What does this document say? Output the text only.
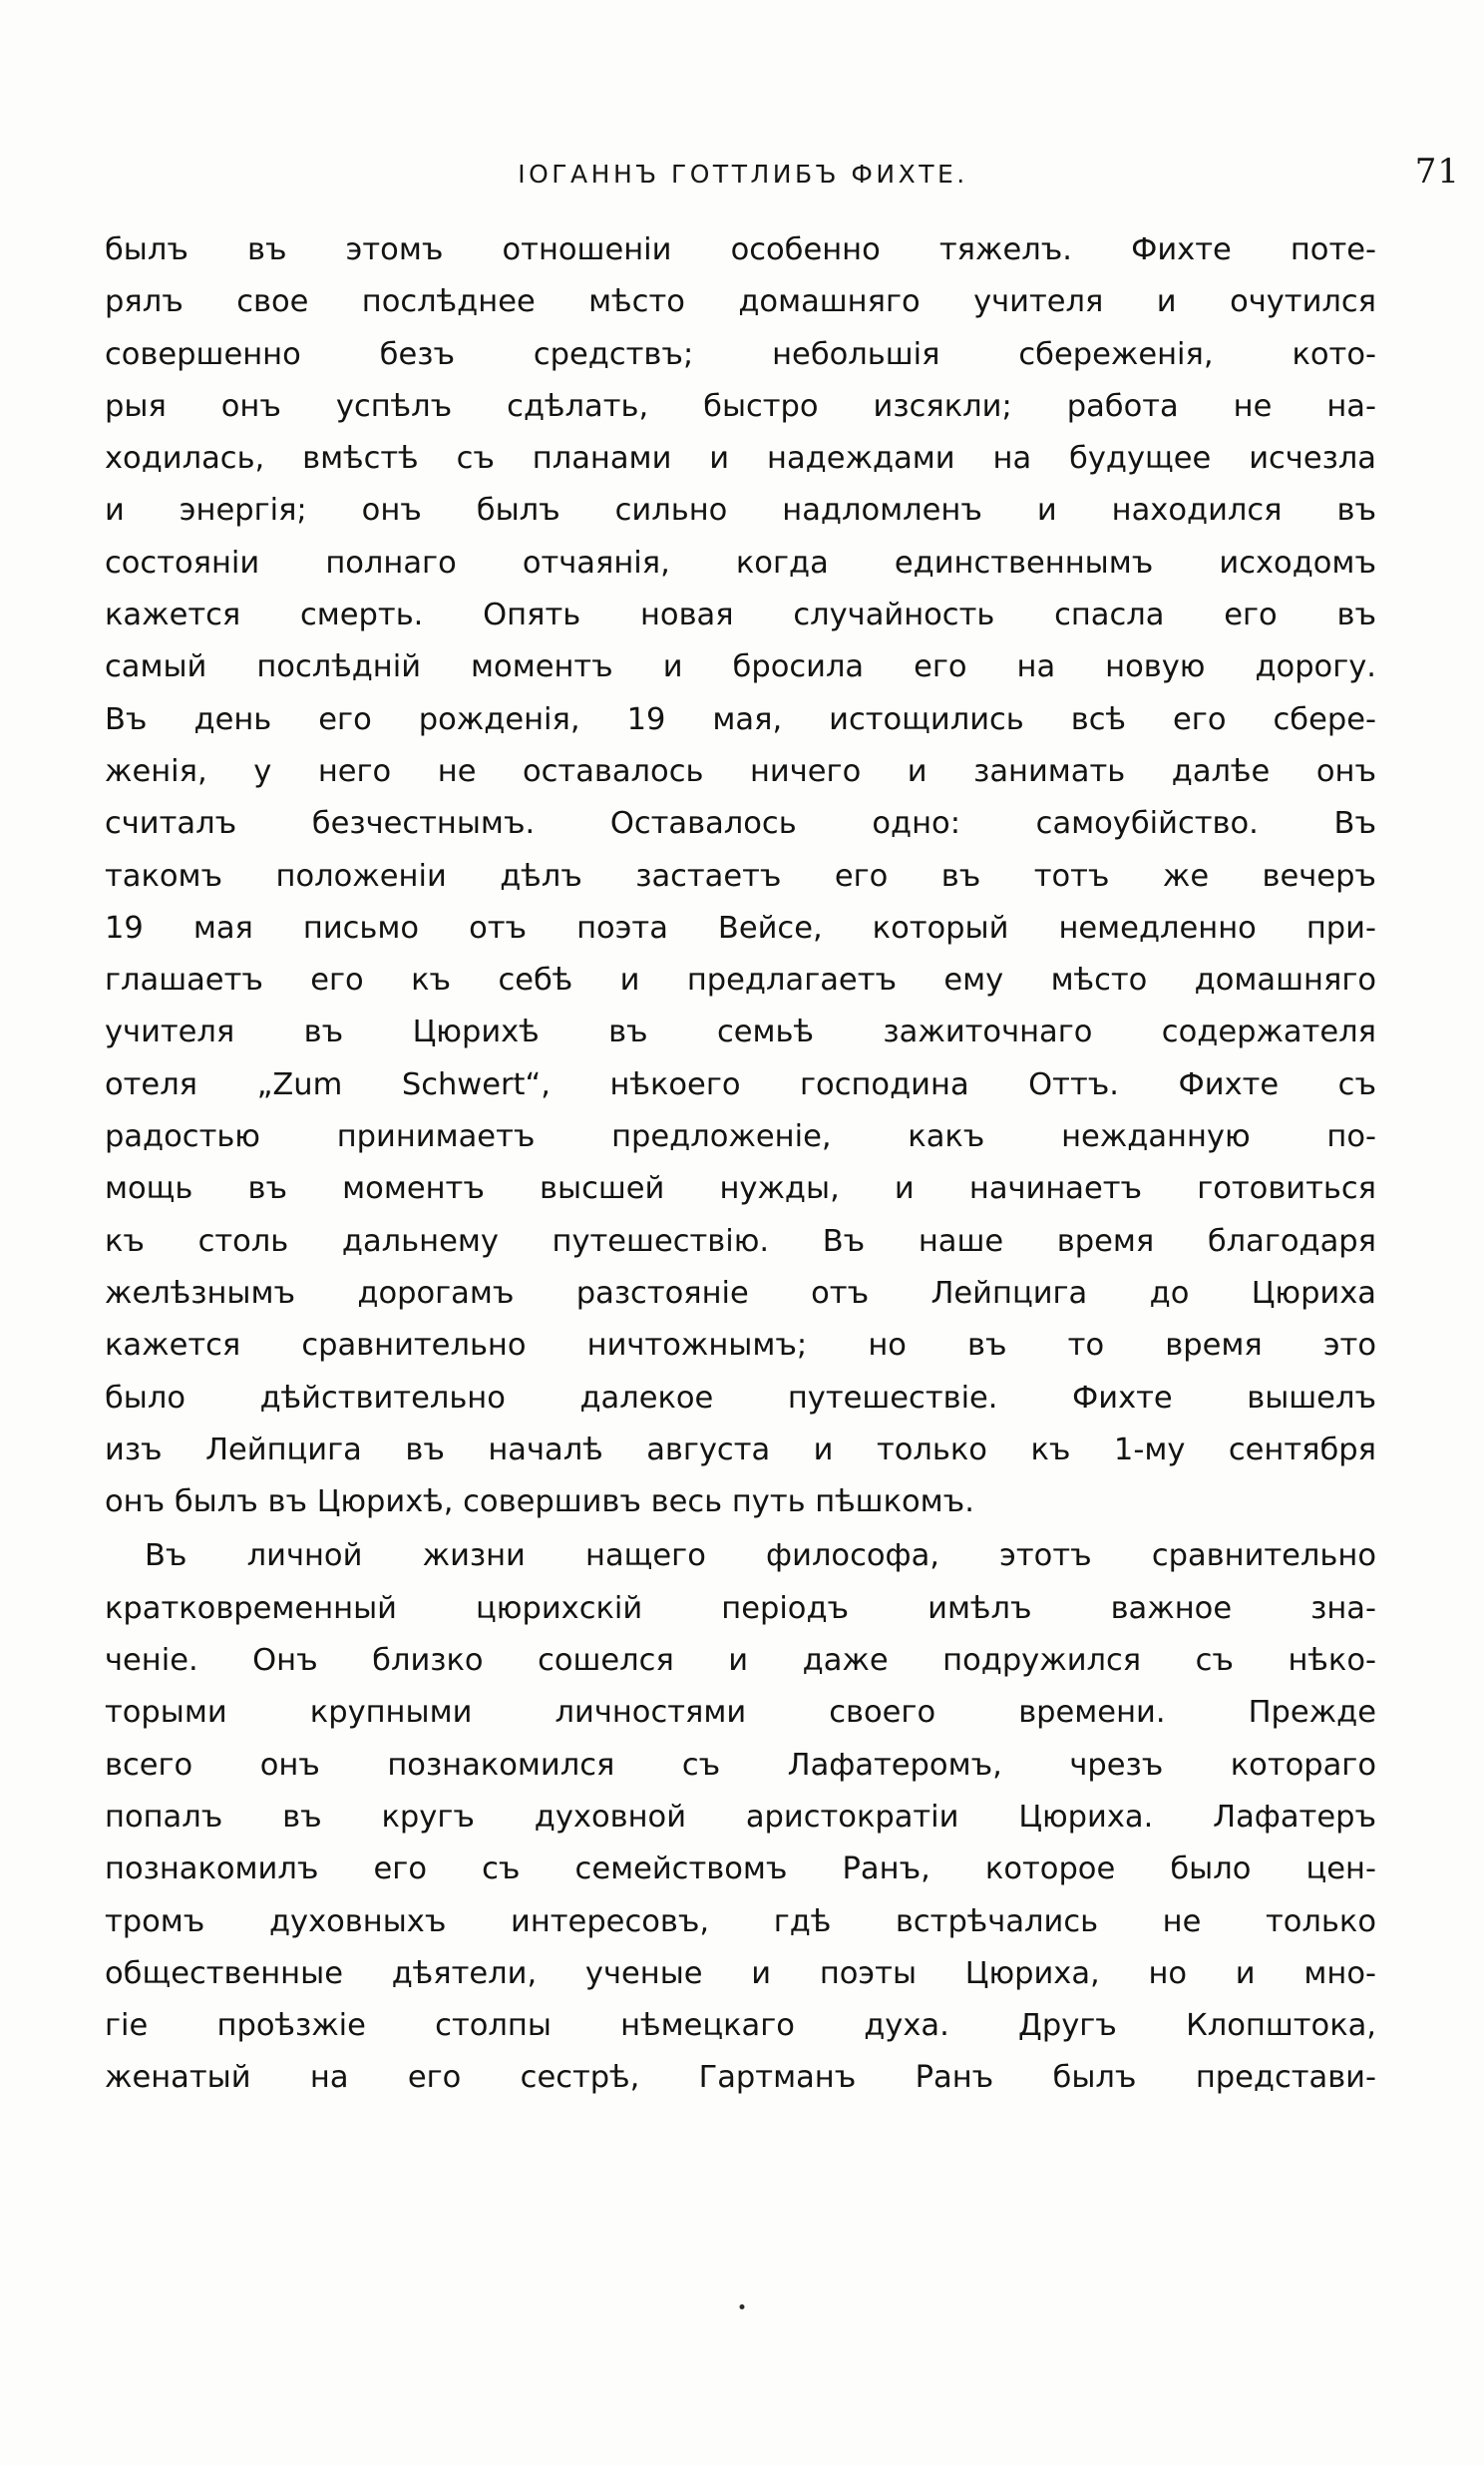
ІОГАННЪ ГОТТЛИБЪ ФИХТЕ.	71
былъ въ этомъ отношеніи особенно тяжелъ. Фихте поте-
рялъ свое послѣднее мѣсто домашняго учителя и очутился
совершенно безъ средствъ; небольшія сбереженія, кото-
рыя онъ успѣлъ сдѣлать, быстро изсякли; работа не на-
ходилась, вмѣстѣ съ планами и надеждами на будущее исчезла
и энергія; онъ былъ сильно надломленъ и находился въ
состояніи полнаго отчаянія, когда единственнымъ исходомъ
кажется смерть. Опять новая случайность спасла его въ
самый послѣдній моментъ и бросила его на новую дорогу.
Въ день его рожденія, 19 мая, истощились всѣ его сбере-
женія, у него не оставалось ничего и занимать далѣе онъ
считалъ безчестнымъ. Оставалось одно: самоубійство. Въ
такомъ положеніи дѣлъ застаетъ его въ тотъ же вечеръ
19 мая письмо отъ поэта Вейсе, который немедленно при-
глашаетъ его къ себѣ и предлагаетъ ему мѣсто домашняго
учителя въ Цюрихѣ въ семьѣ зажиточнаго содержателя
отеля „Zum Schwert“, нѣкоего господина Оттъ. Фихте съ
радостью принимаетъ предложеніе, какъ нежданную по-
мощь въ моментъ высшей нужды, и начинаетъ готовиться
къ столь дальнему путешествію. Въ наше время благодаря
желѣзнымъ дорогамъ разстояніе отъ Лейпцига до Цюриха
кажется сравнительно ничтожнымъ; но въ то время это
было дѣйствительно далекое путешествіе. Фихте вышелъ
изъ Лейпцига въ началѣ августа и только къ 1-му сентября
онъ былъ въ Цюрихѣ, совершивъ весь путь пѣшкомъ.
Въ личной жизни нащего философа, этотъ сравнительно
кратковременный цюрихскій періодъ имѣлъ важное зна-
ченіе. Онъ близко сошелся и даже подружился съ нѣко-
торыми крупными личностями своего времени. Прежде
всего онъ познакомился съ Лафатеромъ, чрезъ котораго
попалъ въ кругъ духовной аристократіи Цюриха. Лафатеръ
познакомилъ его съ семействомъ Ранъ, которое было цен-
тромъ духовныхъ интересовъ, гдѣ встрѣчались не только
общественные дѣятели, ученые и поэты Цюриха, но и мно-
гіе проѣзжіе столпы нѣмецкаго духа. Другъ Клопштока,
женатый на его сестрѣ, Гартманъ Ранъ былъ представи-
